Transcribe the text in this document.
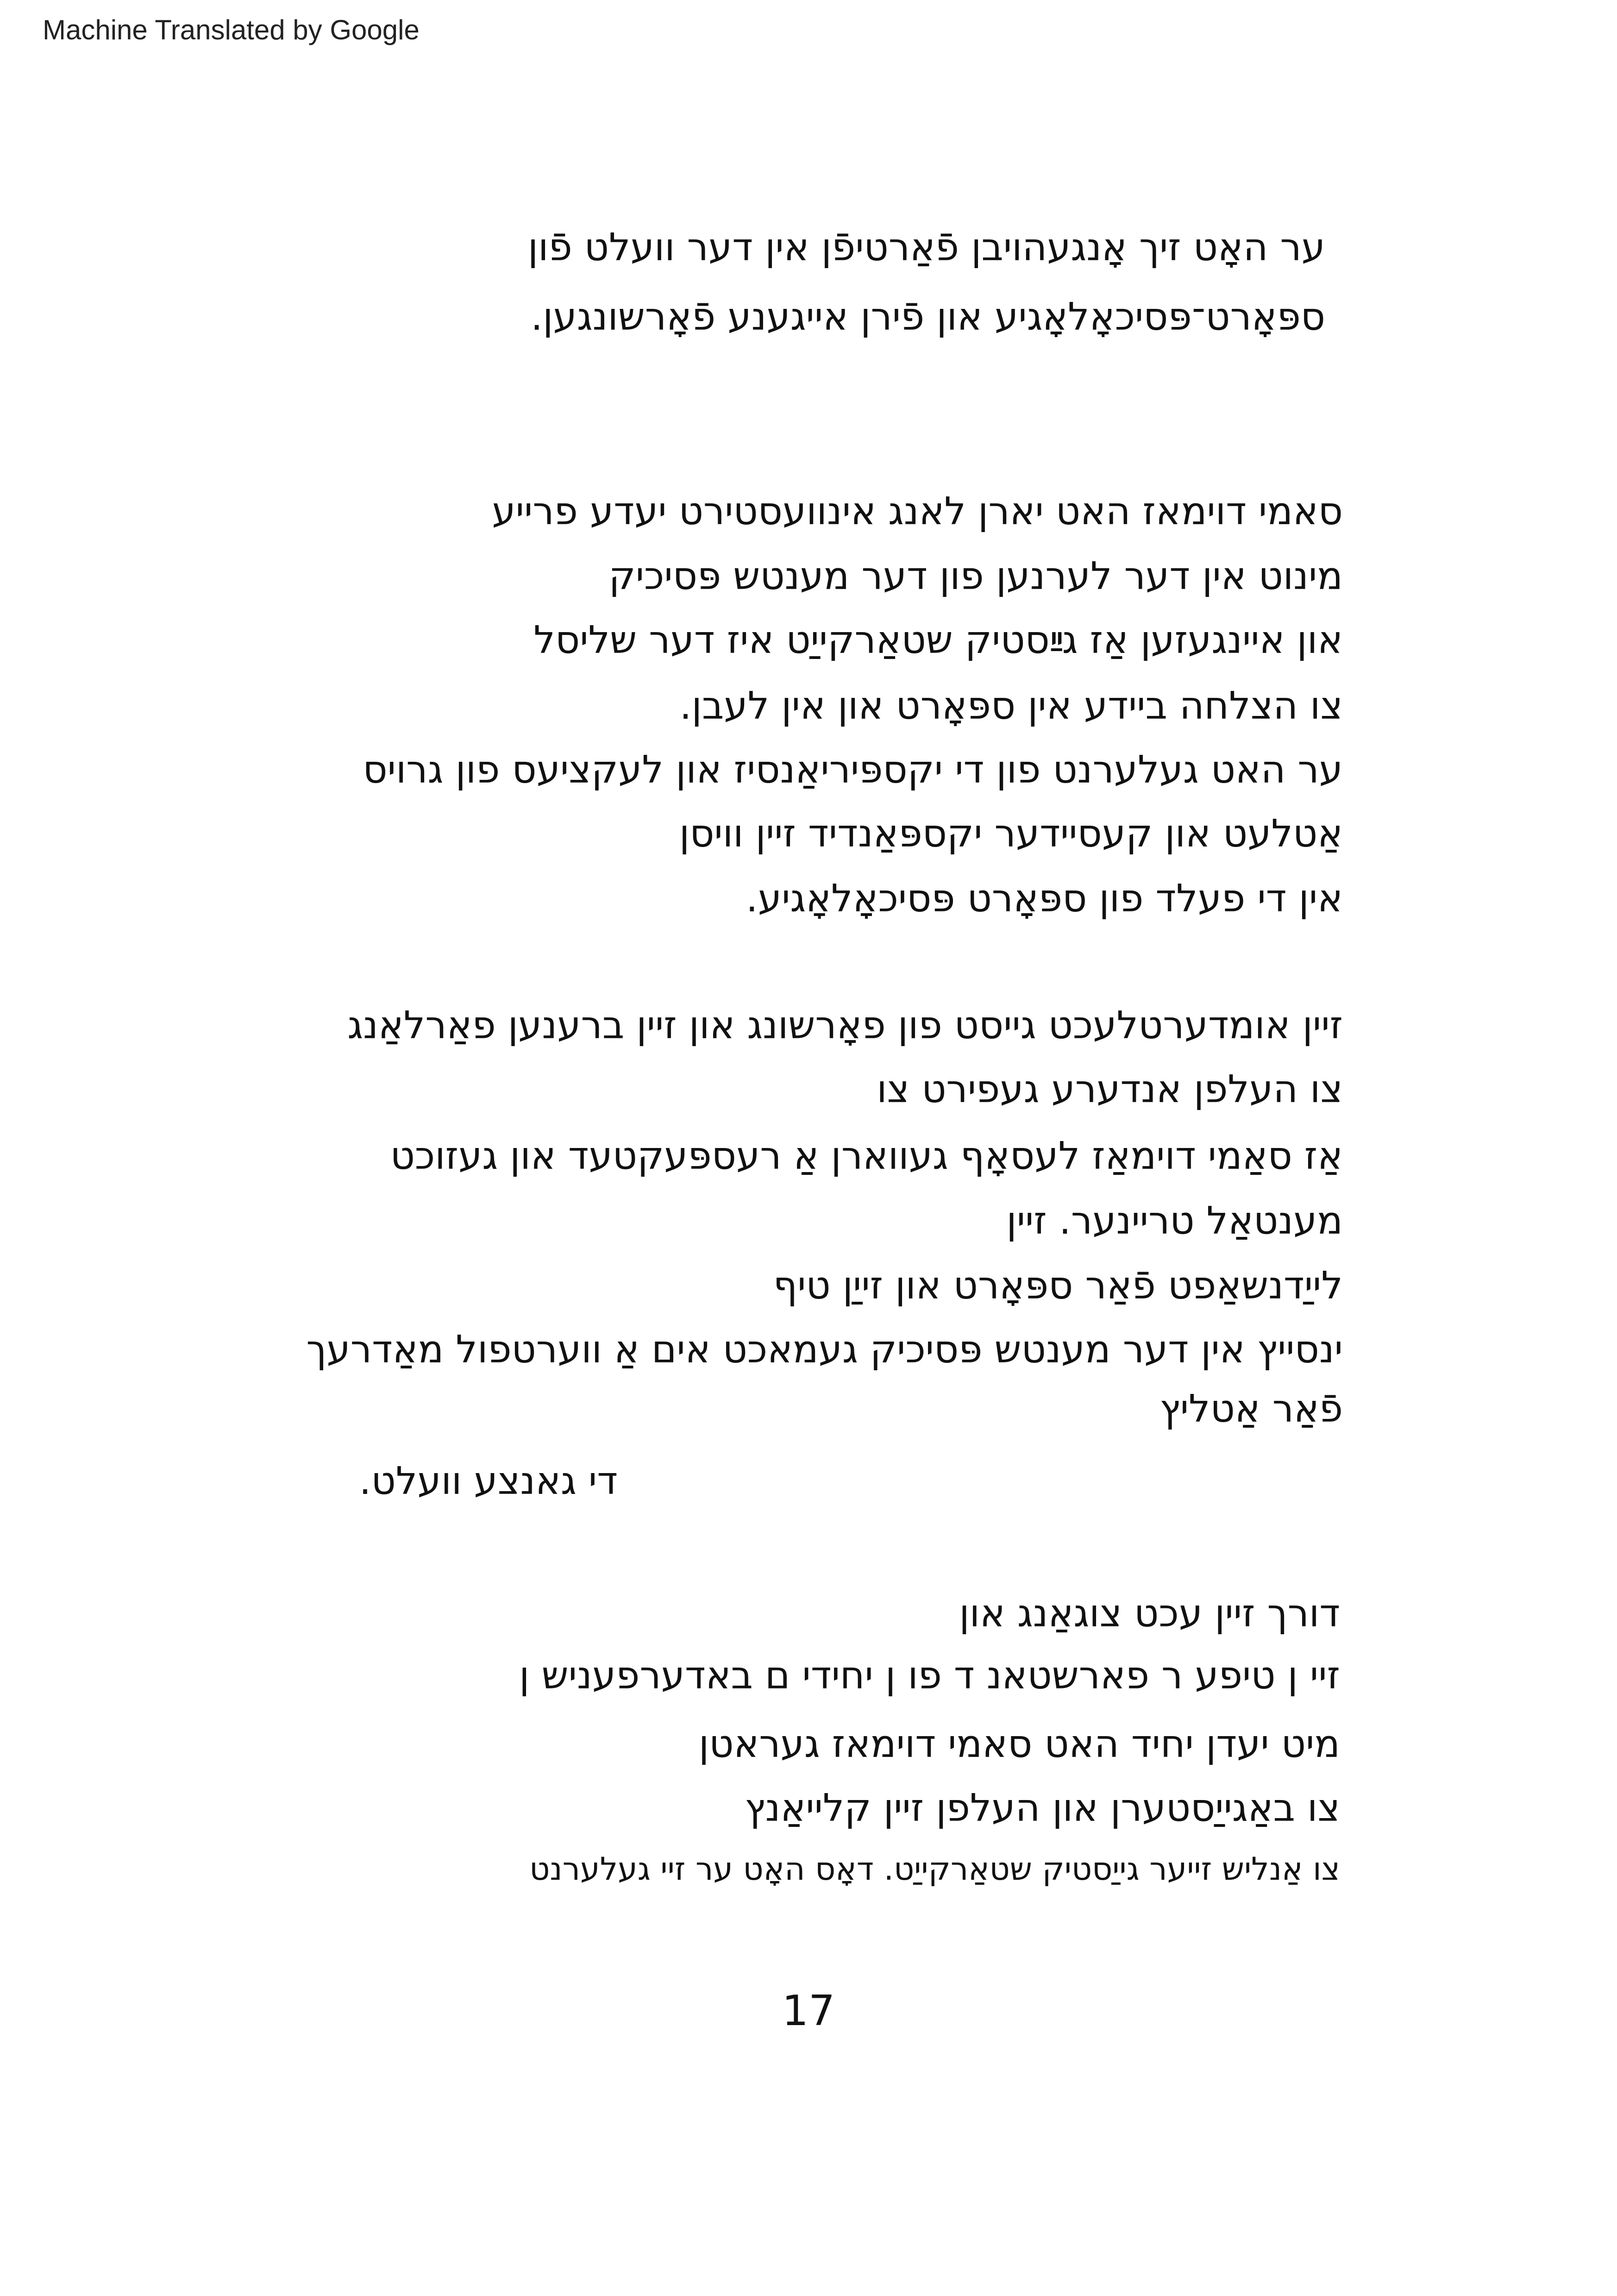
Machine Translated by Google
ער האָט זיך אָנגעהויבן פֿאַרטיפֿן אין דער וועלט פֿון
ספּאָרט־פּסיכאָלאָגיע און פֿירן אייגענע פֿאָרשונגען.
סאמי דוימאז האט יארן לאנג אינוועסטירט יעדע פרייע
מינוט אין דער לערנען פון דער מענטש פּסיכיק
און איינגעזען אַז גײַסטיק שטאַרקייַט איז דער שליסל
צו הצלחה ביידע אין ספּאָרט און אין לעבן.
ער האט געלערנט פון די יקספּיריאַנסיז און לעקציעס פון גרויס
אַטלעט און קעסיידער יקספּאַנדיד זיין וויסן
אין די פעלד פון ספּאָרט פּסיכאָלאָגיע.
זיין אומדערטלעכט גייסט פון פאָרשונג און זיין ברענען פאַרלאַנג
צו העלפן אנדערע געפירט צו
אַז סאַמי דוימאַז לעסאָף געווארן אַ רעספּעקטעד און געזוכט
מענטאַל טריינער. זיין
לייַדנשאַפט פֿאַר ספּאָרט און זייַן טיף
ינסייץ אין דער מענטש פּסיכיק געמאכט אים אַ ווערטפול מאַדרעך
פֿאַר אַטליץ
די גאנצע וועלט.
דורך זיין עכט צוגאַנג און
זיי ן טיפע ר פארשטאנ ד פו ן יחידי ם באדערפעניש ן
מיט יעדן יחיד האט סאמי דוימאז געראטן
צו באַגייַסטערן און העלפן זיין קלייאַנץ
צו אַנליש זייער גייַסטיק שטאַרקייַט. דאָס האָט ער זיי געלערנט
17
